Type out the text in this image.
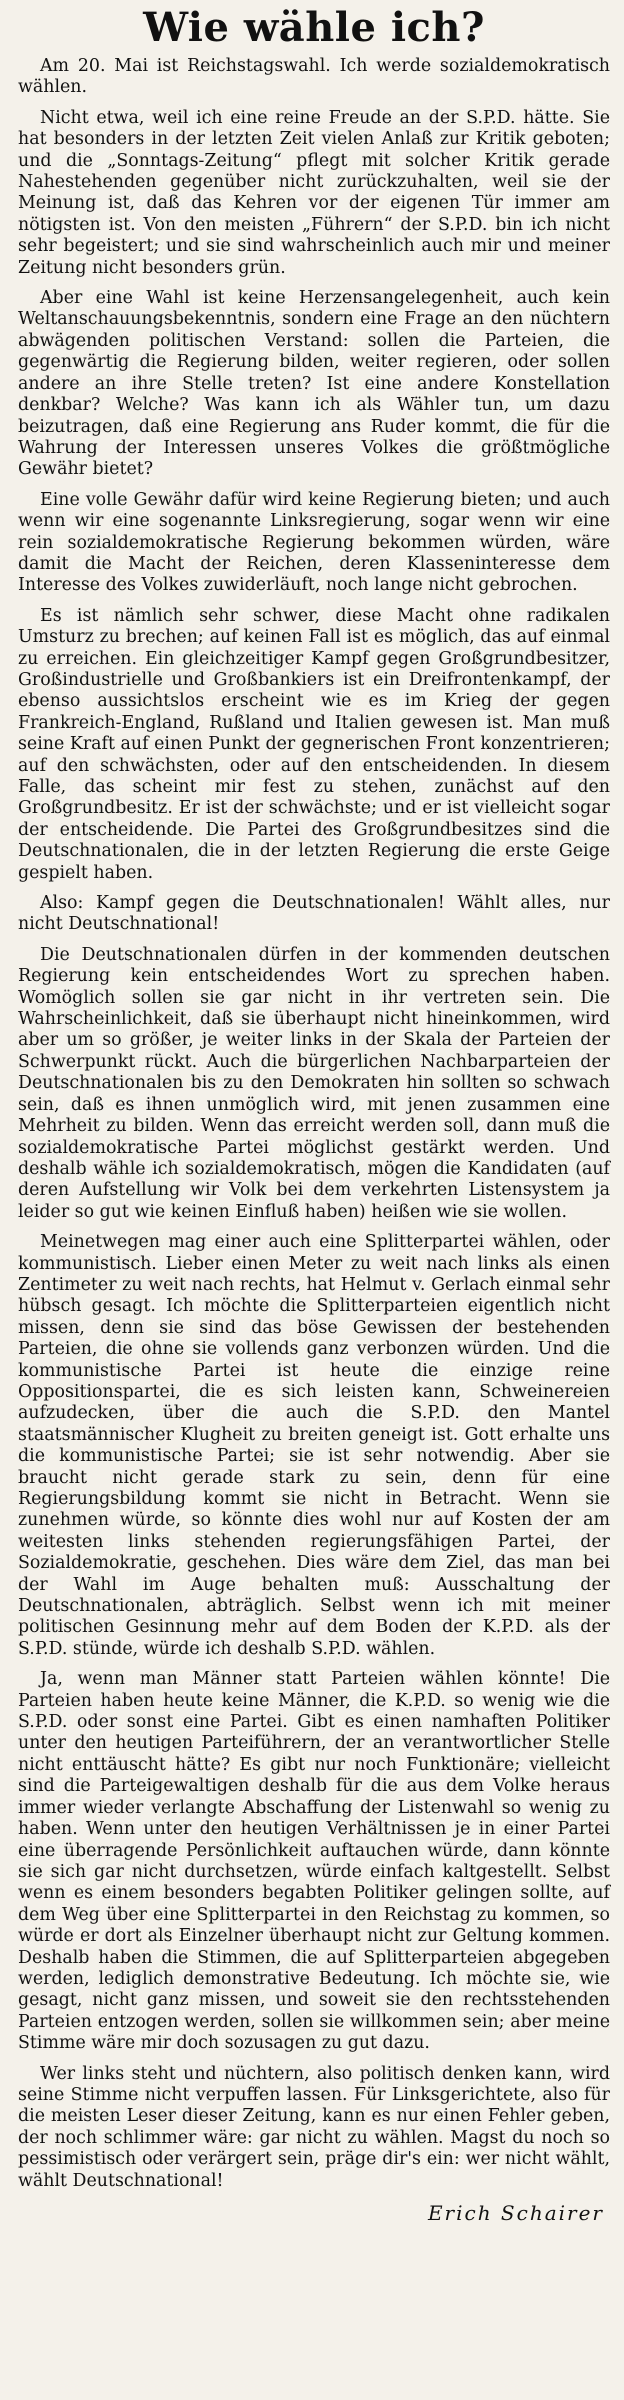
Wie wähle ich?

Am 20. Mai ist Reichstagswahl. Ich werde sozialdemokratisch wählen.

Nicht etwa, weil ich eine reine Freude an der S.P.D. hätte. Sie hat besonders in der letzten Zeit vielen Anlaß zur Kritik geboten; und die „Sonntags-Zeitung“ pflegt mit solcher Kritik gerade Nahestehenden gegenüber nicht zurückzuhalten, weil sie der Meinung ist, daß das Kehren vor der eigenen Tür immer am nötigsten ist. Von den meisten „Führern“ der S.P.D. bin ich nicht sehr begeistert; und sie sind wahrscheinlich auch mir und meiner Zeitung nicht besonders grün.

Aber eine Wahl ist keine Herzensangelegenheit, auch kein Weltanschauungsbekenntnis, sondern eine Frage an den nüchtern abwägenden politischen Verstand: sollen die Parteien, die gegenwärtig die Regierung bilden, weiter regieren, oder sollen andere an ihre Stelle treten? Ist eine andere Konstellation denkbar? Welche? Was kann ich als Wähler tun, um dazu beizutragen, daß eine Regierung ans Ruder kommt, die für die Wahrung der Interessen unseres Volkes die größtmögliche Gewähr bietet?

Eine volle Gewähr dafür wird keine Regierung bieten; und auch wenn wir eine sogenannte Linksregierung, sogar wenn wir eine rein sozialdemokratische Regierung bekommen würden, wäre damit die Macht der Reichen, deren Klasseninteresse dem Interesse des Volkes zuwiderläuft, noch lange nicht gebrochen.

Es ist nämlich sehr schwer, diese Macht ohne radikalen Umsturz zu brechen; auf keinen Fall ist es möglich, das auf einmal zu erreichen. Ein gleichzeitiger Kampf gegen Großgrundbesitzer, Großindustrielle und Großbankiers ist ein Dreifrontenkampf, der ebenso aussichtslos erscheint wie es im Krieg der gegen Frankreich-England, Rußland und Italien gewesen ist. Man muß seine Kraft auf einen Punkt der gegnerischen Front konzentrieren; auf den schwächsten, oder auf den entscheidenden. In diesem Falle, das scheint mir fest zu stehen, zunächst auf den Großgrundbesitz. Er ist der schwächste; und er ist vielleicht sogar der entscheidende. Die Partei des Großgrundbesitzes sind die Deutschnationalen, die in der letzten Regierung die erste Geige gespielt haben.

Also: Kampf gegen die Deutschnationalen! Wählt alles, nur nicht Deutschnational!

Die Deutschnationalen dürfen in der kommenden deutschen Regierung kein entscheidendes Wort zu sprechen haben. Womöglich sollen sie gar nicht in ihr vertreten sein. Die Wahrscheinlichkeit, daß sie überhaupt nicht hineinkommen, wird aber um so größer, je weiter links in der Skala der Parteien der Schwerpunkt rückt. Auch die bürgerlichen Nachbarparteien der Deutschnationalen bis zu den Demokraten hin sollten so schwach sein, daß es ihnen unmöglich wird, mit jenen zusammen eine Mehrheit zu bilden. Wenn das erreicht werden soll, dann muß die sozialdemokratische Partei möglichst gestärkt werden. Und deshalb wähle ich sozialdemokratisch, mögen die Kandidaten (auf deren Aufstellung wir Volk bei dem verkehrten Listensystem ja leider so gut wie keinen Einfluß haben) heißen wie sie wollen.

Meinetwegen mag einer auch eine Splitterpartei wählen, oder kommunistisch. Lieber einen Meter zu weit nach links als einen Zentimeter zu weit nach rechts, hat Helmut v. Gerlach einmal sehr hübsch gesagt. Ich möchte die Splitterparteien eigentlich nicht missen, denn sie sind das böse Gewissen der bestehenden Parteien, die ohne sie vollends ganz verbonzen würden. Und die kommunistische Partei ist heute die einzige reine Oppositionspartei, die es sich leisten kann, Schweinereien aufzudecken, über die auch die S.P.D. den Mantel staatsmännischer Klugheit zu breiten geneigt ist. Gott erhalte uns die kommunistische Partei; sie ist sehr notwendig. Aber sie braucht nicht gerade stark zu sein, denn für eine Regierungsbildung kommt sie nicht in Betracht. Wenn sie zunehmen würde, so könnte dies wohl nur auf Kosten der am weitesten links stehenden regierungsfähigen Partei, der Sozialdemokratie, geschehen. Dies wäre dem Ziel, das man bei der Wahl im Auge behalten muß: Ausschaltung der Deutschnationalen, abträglich. Selbst wenn ich mit meiner politischen Gesinnung mehr auf dem Boden der K.P.D. als der S.P.D. stünde, würde ich deshalb S.P.D. wählen.

Ja, wenn man Männer statt Parteien wählen könnte! Die Parteien haben heute keine Männer, die K.P.D. so wenig wie die S.P.D. oder sonst eine Partei. Gibt es einen namhaften Politiker unter den heutigen Parteiführern, der an verantwortlicher Stelle nicht enttäuscht hätte? Es gibt nur noch Funktionäre; vielleicht sind die Parteigewaltigen deshalb für die aus dem Volke heraus immer wieder verlangte Abschaffung der Listenwahl so wenig zu haben. Wenn unter den heutigen Verhältnissen je in einer Partei eine überragende Persönlichkeit auftauchen würde, dann könnte sie sich gar nicht durchsetzen, würde einfach kaltgestellt. Selbst wenn es einem besonders begabten Politiker gelingen sollte, auf dem Weg über eine Splitterpartei in den Reichstag zu kommen, so würde er dort als Einzelner überhaupt nicht zur Geltung kommen. Deshalb haben die Stimmen, die auf Splitterparteien abgegeben werden, lediglich demonstrative Bedeutung. Ich möchte sie, wie gesagt, nicht ganz missen, und soweit sie den rechtsstehenden Parteien entzogen werden, sollen sie willkommen sein; aber meine Stimme wäre mir doch sozusagen zu gut dazu.

Wer links steht und nüchtern, also politisch denken kann, wird seine Stimme nicht verpuffen lassen. Für Linksgerichtete, also für die meisten Leser dieser Zeitung, kann es nur einen Fehler geben, der noch schlimmer wäre: gar nicht zu wählen. Magst du noch so pessimistisch oder verärgert sein, präge dir's ein: wer nicht wählt, wählt Deutschnational!

Erich Schairer
